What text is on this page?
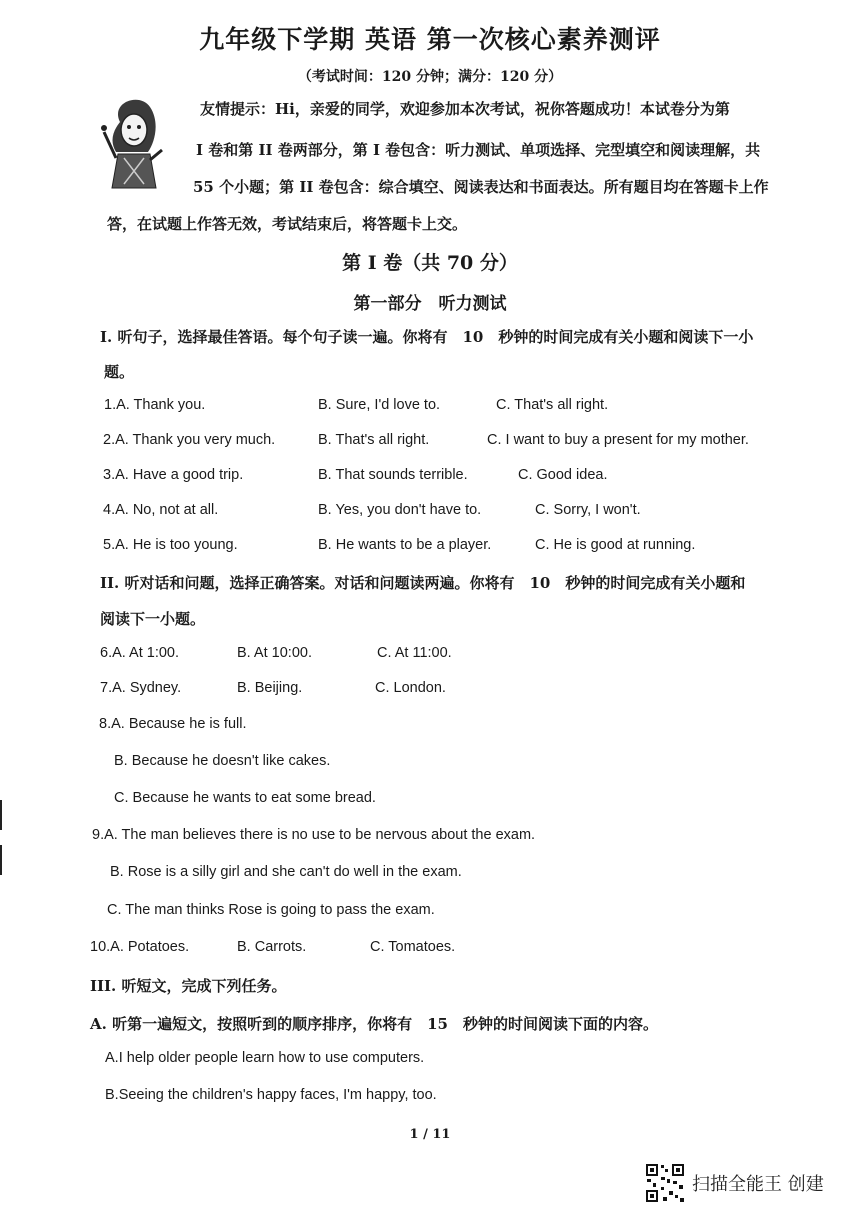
九年级下学期 英语 第一次核心素养测评
（考试时间：120 分钟；满分：120 分）
友情提示：Hi，亲爱的同学，欢迎参加本次考试，祝你答题成功！本试卷分为第
I 卷和第 II 卷两部分，第 I 卷包含：听力测试、单项选择、完型填空和阅读理解，共
55 个小题；第 II 卷包含：综合填空、阅读表达和书面表达。所有题目均在答题卡上作
答，在试题上作答无效，考试结束后，将答题卡上交。
第 I 卷（共 70 分）
第一部分　听力测试
I. 听句子，选择最佳答语。每个句子读一遍。你将有　10　秒钟的时间完成有关小题和阅读下一小
题。
1.A. Thank you.	B. Sure, I'd love to.	C. That's all right.
2.A. Thank you very much.	B. That's all right.	C. I want to buy a present for my mother.
3.A. Have a good trip.	B. That sounds terrible.	C. Good idea.
4.A. No, not at all.	B. Yes, you don't have to.	C. Sorry, I won't.
5.A. He is too young.	B. He wants to be a player.	C. He is good at running.
II. 听对话和问题，选择正确答案。对话和问题读两遍。你将有　10　秒钟的时间完成有关小题和
阅读下一小题。
6.A. At 1:00.	B. At 10:00.	C. At 11:00.
7.A. Sydney.	B. Beijing.	C. London.
8.A. Because he is full.
B. Because he doesn't like cakes.
C. Because he wants to eat some bread.
9.A. The man believes there is no use to be nervous about the exam.
B. Rose is a silly girl and she can't do well in the exam.
C. The man thinks Rose is going to pass the exam.
10.A. Potatoes.	B. Carrots.	C. Tomatoes.
III. 听短文，完成下列任务。
A. 听第一遍短文，按照听到的顺序排序，你将有　15　秒钟的时间阅读下面的内容。
A.I help older people learn how to use computers.
B.Seeing the children's happy faces, I'm happy, too.
1 / 11
扫描全能王 创建
